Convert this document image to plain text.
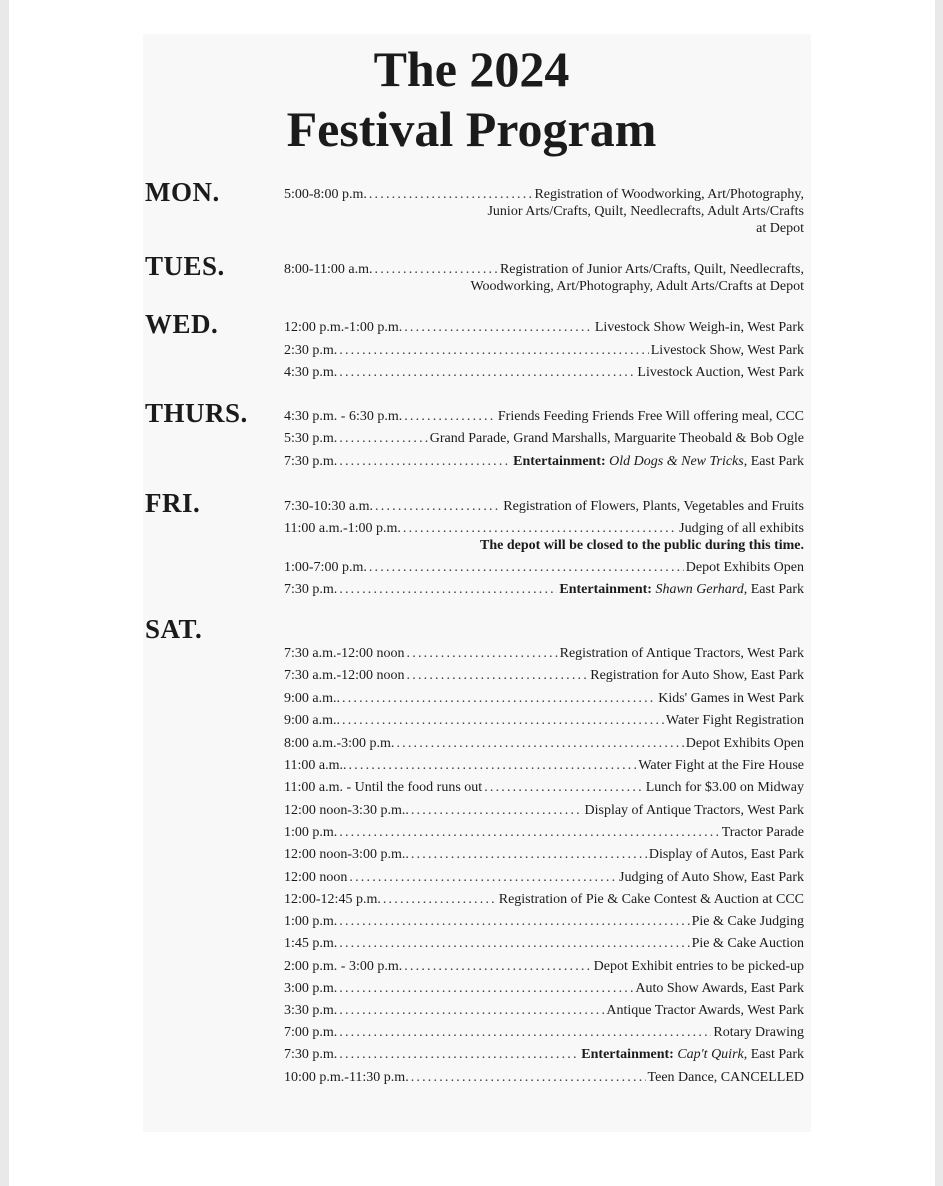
The 2024
Festival Program
MON.	5:00-8:00 p.m. .....	Registration of Woodworking, Art/Photography,
Junior Arts/Crafts, Quilt, Needlecrafts, Adult Arts/Crafts
at Depot
TUES.	8:00-11:00 a.m. .....	Registration of Junior Arts/Crafts, Quilt, Needlecrafts,
Woodworking, Art/Photography, Adult Arts/Crafts at Depot
WED.	12:00 p.m.-1:00 p.m. .....	Livestock Show Weigh-in, West Park
2:30 p.m. .....	Livestock Show, West Park
4:30 p.m. .....	Livestock Auction, West Park
THURS.	4:30 p.m. - 6:30 p.m. .....	Friends Feeding Friends Free Will offering meal, CCC
5:30 p.m. .....	Grand Parade, Grand Marshalls, Marguarite Theobald & Bob Ogle
7:30 p.m. .....	Entertainment: Old Dogs & New Tricks, East Park
FRI.	7:30-10:30 a.m. .....	Registration of Flowers, Plants, Vegetables and Fruits
11:00 a.m.-1:00 p.m. .....	Judging of all exhibits
The depot will be closed to the public during this time.
1:00-7:00 p.m. .....	Depot Exhibits Open
7:30 p.m. .....	Entertainment: Shawn Gerhard, East Park
SAT.
7:30 a.m.-12:00 noon .....	Registration of Antique Tractors, West Park
7:30 a.m.-12:00 noon .....	Registration for Auto Show, East Park
9:00 a.m.. .....	Kids' Games in West Park
9:00 a.m.. .....	Water Fight Registration
8:00 a.m.-3:00 p.m. .....	Depot Exhibits Open
11:00 a.m.. .....	Water Fight at the Fire House
11:00 a.m. - Until the food runs out .....	Lunch for $3.00 on Midway
12:00 noon-3:30 p.m.. .....	Display of Antique Tractors, West Park
1:00 p.m. .....	Tractor Parade
12:00 noon-3:00 p.m.. .....	Display of Autos, East Park
12:00 noon .....	Judging of Auto Show, East Park
12:00-12:45 p.m. .....	Registration of Pie & Cake Contest & Auction at CCC
1:00 p.m. .....	Pie & Cake Judging
1:45 p.m. .....	Pie & Cake Auction
2:00 p.m. - 3:00 p.m. .....	Depot Exhibit entries to be picked-up
3:00 p.m. .....	Auto Show Awards, East Park
3:30 p.m. .....	Antique Tractor Awards, West Park
7:00 p.m. .....	Rotary Drawing
7:30 p.m. .....	Entertainment: Cap't Quirk, East Park
10:00 p.m.-11:30 p.m. .....	Teen Dance, CANCELLED
